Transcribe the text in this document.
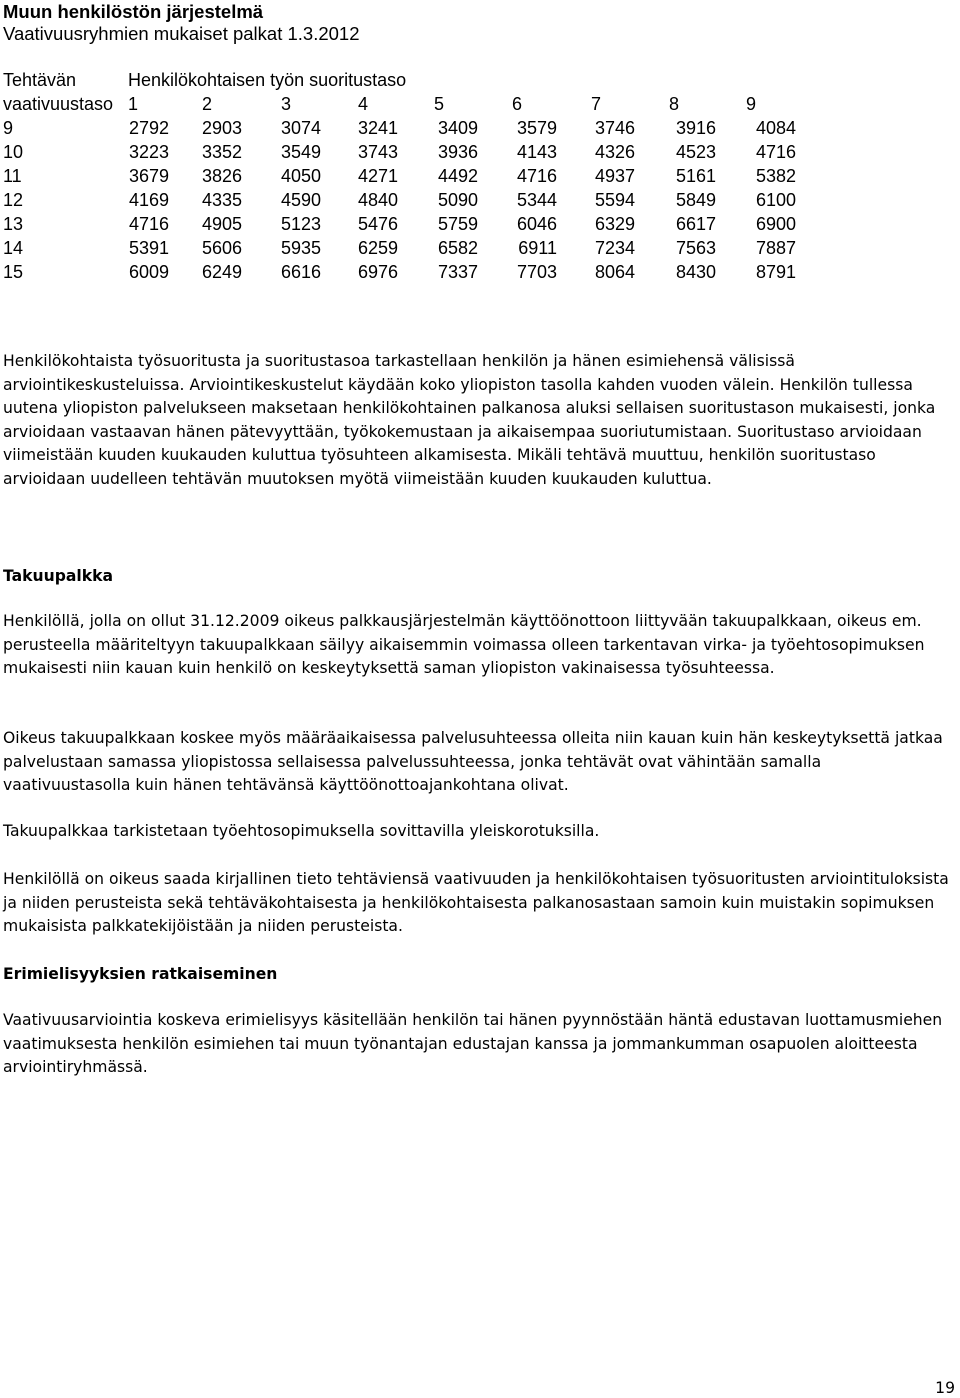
Muun henkilöstön järjestelmä
Vaativuusryhmien mukaiset palkat 1.3.2012
Tehtävän	Henkilökohtaisen työn suoritustaso
vaativuustaso 1	2	3	4	5	6	7	8	9
9	2792	2903	3074	3241	3409	3579	3746	3916	4084
10	3223	3352	3549	3743	3936	4143	4326	4523	4716
11	3679	3826	4050	4271	4492	4716	4937	5161	5382
12	4169	4335	4590	4840	5090	5344	5594	5849	6100
13	4716	4905	5123	5476	5759	6046	6329	6617	6900
14	5391	5606	5935	6259	6582	6911	7234	7563	7887
15	6009	6249	6616	6976	7337	7703	8064	8430	8791

Henkilökohtaista työsuoritusta ja suoritustasoa tarkastellaan henkilön ja hänen esimiehensä välisissä arviointikeskusteluissa. Arviointikeskustelut käydään koko yliopiston tasolla kahden vuoden välein. Henkilön tullessa uutena yliopiston palvelukseen maksetaan henkilökohtainen palkanosa aluksi sellaisen suoritustason mukaisesti, jonka arvioidaan vastaavan hänen pätevyyttään, työkokemustaan ja aikaisempaa suoriutumistaan. Suoritustaso arvioidaan viimeistään kuuden kuukauden kuluttua työsuhteen alkamisesta. Mikäli tehtävä muuttuu, henkilön suoritustaso arvioidaan uudelleen tehtävän muutoksen myötä viimeistään kuuden kuukauden kuluttua.

Takuupalkka

Henkilöllä, jolla on ollut 31.12.2009 oikeus palkkausjärjestelmän käyttöönottoon liittyvään takuupalkkaan, oikeus em. perusteella määriteltyyn takuupalkkaan säilyy aikaisemmin voimassa olleen tarkentavan virka- ja työehtosopimuksen mukaisesti niin kauan kuin henkilö on keskeytyksettä saman yliopiston vakinaisessa työsuhteessa.

Oikeus takuupalkkaan koskee myös määräaikaisessa palvelusuhteessa olleita niin kauan kuin hän keskeytyksettä jatkaa palvelustaan samassa yliopistossa sellaisessa palvelussuhteessa, jonka tehtävät ovat vähintään samalla vaativuustasolla kuin hänen tehtävänsä käyttöönottoajankohtana olivat.

Takuupalkkaa tarkistetaan työehtosopimuksella sovittavilla yleiskorotuksilla.

Henkilöllä on oikeus saada kirjallinen tieto tehtäviensä vaativuuden ja henkilökohtaisen työsuoritusten arviointituloksista ja niiden perusteista sekä tehtäväkohtaisesta ja henkilökohtaisesta palkanosastaan samoin kuin muistakin sopimuksen mukaisista palkkatekijöistään ja niiden perusteista.

Erimielisyyksien ratkaiseminen

Vaativuusarviointia koskeva erimielisyys käsitellään henkilön tai hänen pyynnöstään häntä edustavan luottamusmiehen vaatimuksesta henkilön esimiehen tai muun työnantajan edustajan kanssa ja jommankumman osapuolen aloitteesta arviointiryhmässä.

19
